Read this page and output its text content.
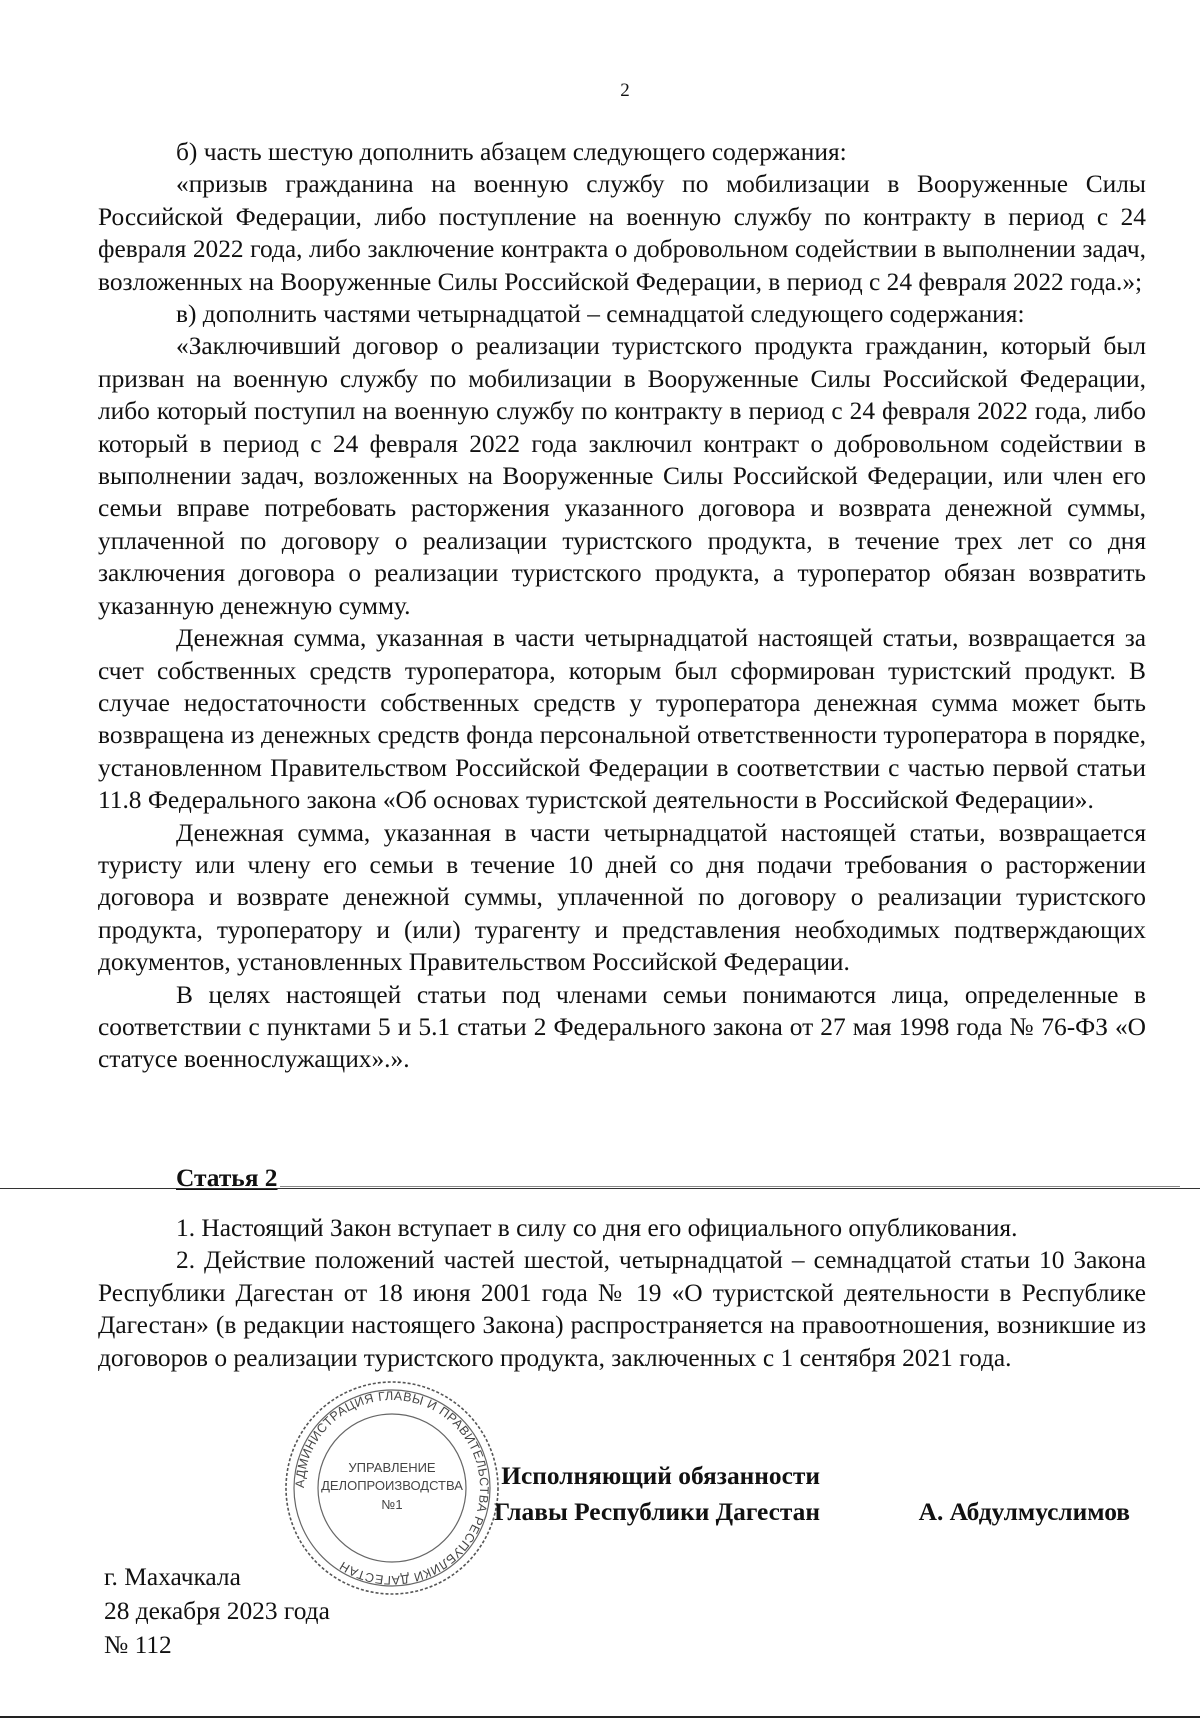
2

б) часть шестую дополнить абзацем следующего содержания:

«призыв гражданина на военную службу по мобилизации в Вооруженные Силы Российской Федерации, либо поступление на военную службу по контракту в период с 24 февраля 2022 года, либо заключение контракта о добровольном содействии в выполнении задач, возложенных на Вооруженные Силы Российской Федерации, в период с 24 февраля 2022 года.»;

в) дополнить частями четырнадцатой – семнадцатой следующего содержания:

«Заключивший договор о реализации туристского продукта гражданин, который был призван на военную службу по мобилизации в Вооруженные Силы Российской Федерации, либо который поступил на военную службу по контракту в период с 24 февраля 2022 года, либо который в период с 24 февраля 2022 года заключил контракт о добровольном содействии в выполнении задач, возложенных на Вооруженные Силы Российской Федерации, или член его семьи вправе потребовать расторжения указанного договора и возврата денежной суммы, уплаченной по договору о реализации туристского продукта, в течение трех лет со дня заключения договора о реализации туристского продукта, а туроператор обязан возвратить указанную денежную сумму.

Денежная сумма, указанная в части четырнадцатой настоящей статьи, возвращается за счет собственных средств туроператора, которым был сформирован туристский продукт. В случае недостаточности собственных средств у туроператора денежная сумма может быть возвращена из денежных средств фонда персональной ответственности туроператора в порядке, установленном Правительством Российской Федерации в соответствии с частью первой статьи 11.8 Федерального закона «Об основах туристской деятельности в Российской Федерации».

Денежная сумма, указанная в части четырнадцатой настоящей статьи, возвращается туристу или члену его семьи в течение 10 дней со дня подачи требования о расторжении договора и возврате денежной суммы, уплаченной по договору о реализации туристского продукта, туроператору и (или) турагенту и представления необходимых подтверждающих документов, установленных Правительством Российской Федерации.

В целях настоящей статьи под членами семьи понимаются лица, определенные в соответствии с пунктами 5 и 5.1 статьи 2 Федерального закона от 27 мая 1998 года № 76-ФЗ «О статусе военнослужащих».».

Статья 2

1. Настоящий Закон вступает в силу со дня его официального опубликования.

2. Действие положений частей шестой, четырнадцатой – семнадцатой статьи 10 Закона Республики Дагестан от 18 июня 2001 года № 19 «О туристской деятельности в Республике Дагестан» (в редакции настоящего Закона) распространяется на правоотношения, возникшие из договоров о реализации туристского продукта, заключенных с 1 сентября 2021 года.

АДМИНИСТРАЦИЯ ГЛАВЫ И ПРАВИТЕЛЬСТВА РЕСПУБЛИКИ ДАГЕСТАН
УПРАВЛЕНИЕ
ДЕЛОПРОИЗВОДСТВА
№1
Исполняющий обязанности
Главы Республики Дагестан	А. Абдулмуслимов
г. Махачкала
28 декабря 2023 года
№ 112
